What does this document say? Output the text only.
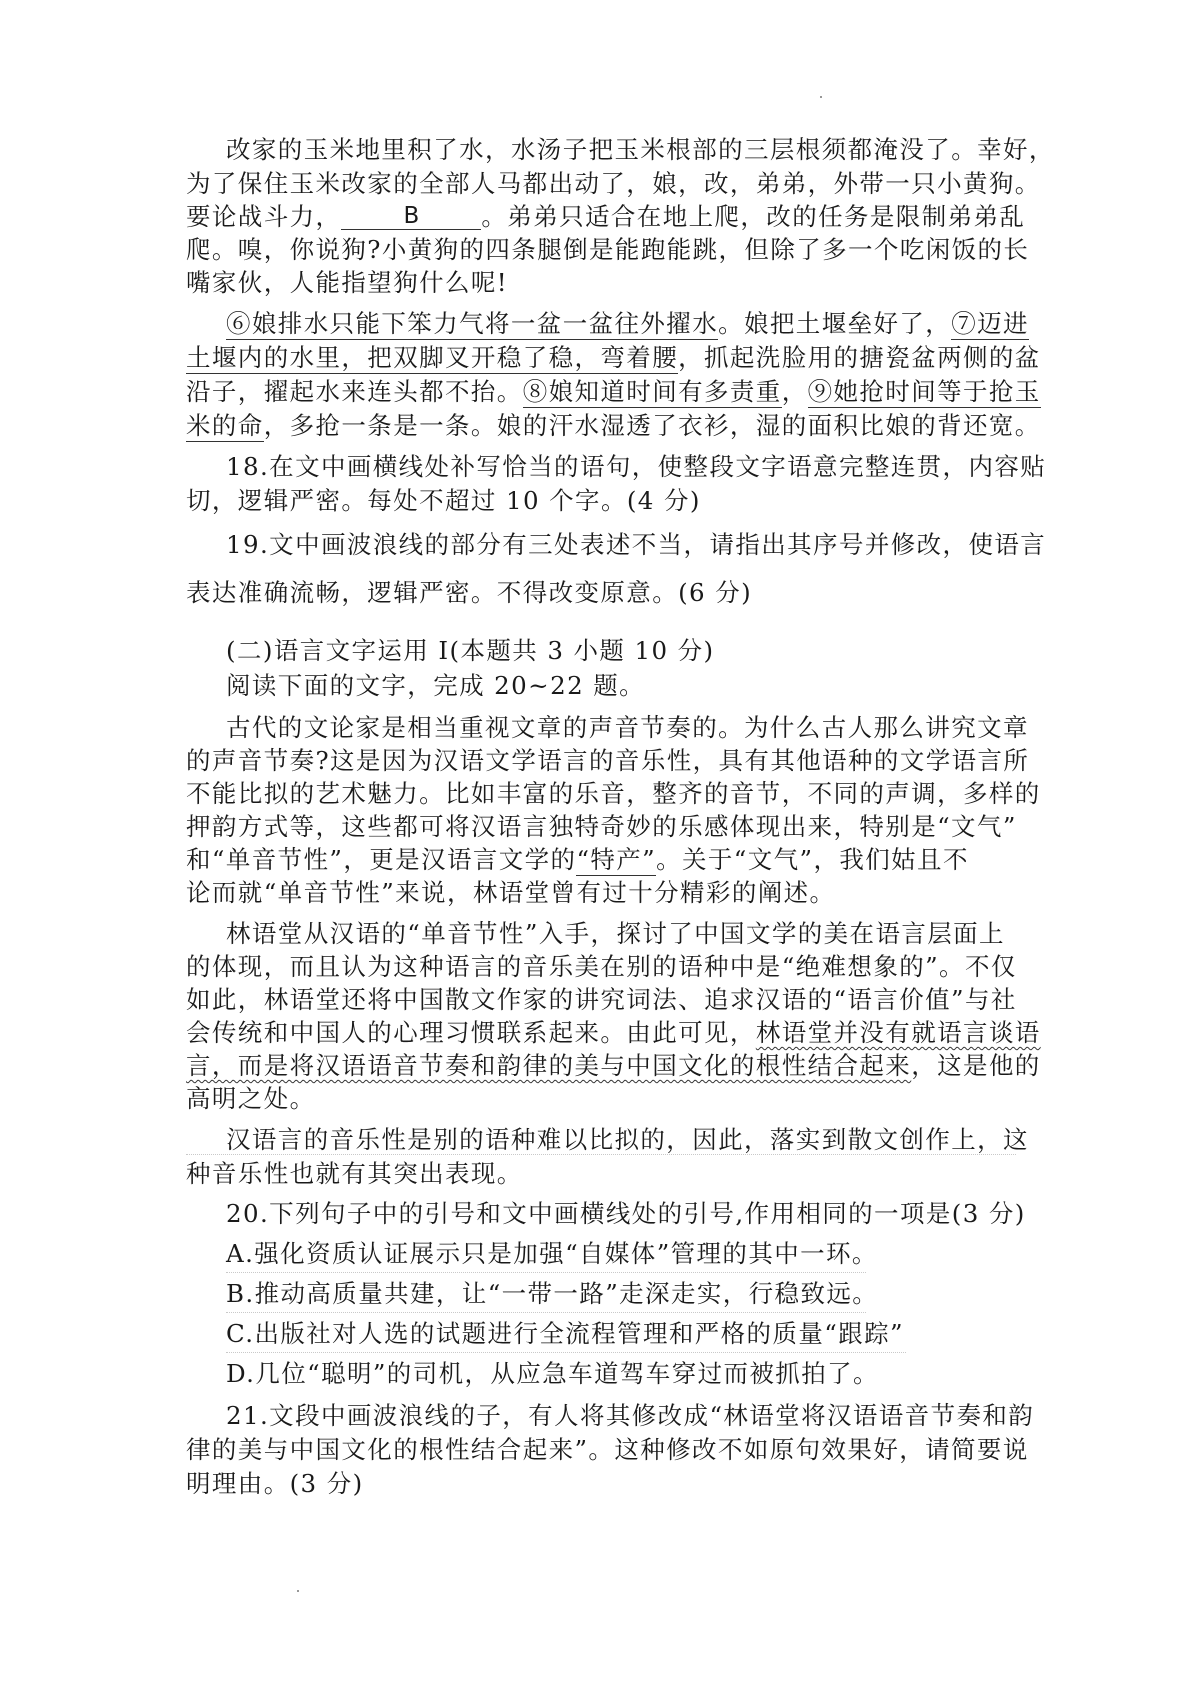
改家的玉米地里积了水，水汤子把玉米根部的三层根须都淹没了。幸好，
为了保住玉米改家的全部人马都出动了，娘，改，弟弟，外带一只小黄狗。
要论战斗力，	B	。弟弟只适合在地上爬，改的任务是限制弟弟乱
爬。嗅，你说狗?小黄狗的四条腿倒是能跑能跳，但除了多一个吃闲饭的长
嘴家伙，人能指望狗什么呢!
⑥娘排水只能下笨力气将一盆一盆往外擢水。娘把土堰垒好了，⑦迈进
土堰内的水里，把双脚叉开稳了稳，弯着腰，抓起洗脸用的搪瓷盆两侧的盆
沿子，擢起水来连头都不抬。⑧娘知道时间有多责重，⑨她抢时间等于抢玉
米的命，多抢一条是一条。娘的汗水湿透了衣衫，湿的面积比娘的背还宽。
18.在文中画横线处补写恰当的语句，使整段文字语意完整连贯，内容贴
切，逻辑严密。每处不超过 10 个字。(4 分)
19.文中画波浪线的部分有三处表述不当，请指出其序号并修改，使语言
表达准确流畅，逻辑严密。不得改变原意。(6 分)
(二)语言文字运用 I(本题共 3 小题 10 分)
阅读下面的文字，完成 20~22 题。
古代的文论家是相当重视文章的声音节奏的。为什么古人那么讲究文章
的声音节奏?这是因为汉语文学语言的音乐性，具有其他语种的文学语言所
不能比拟的艺术魅力。比如丰富的乐音，整齐的音节，不同的声调，多样的
押韵方式等，这些都可将汉语言独特奇妙的乐感体现出来，特别是“文气”
和“单音节性”，更是汉语言文学的“特产”。关于“文气”，我们姑且不
论而就“单音节性”来说，林语堂曾有过十分精彩的阐述。
林语堂从汉语的“单音节性”入手，探讨了中国文学的美在语言层面上
的体现，而且认为这种语言的音乐美在别的语种中是“绝难想象的”。不仅
如此，林语堂还将中国散文作家的讲究词法、追求汉语的“语言价值”与社
会传统和中国人的心理习惯联系起来。由此可见，林语堂并没有就语言谈语
言，而是将汉语语音节奏和韵律的美与中国文化的根性结合起来，这是他的
高明之处。
汉语言的音乐性是别的语种难以比拟的，因此，落实到散文创作上，这
种音乐性也就有其突出表现。
20.下列句子中的引号和文中画横线处的引号,作用相同的一项是(3 分)
A.强化资质认证展示只是加强“自媒体”管理的其中一环。
B.推动高质量共建，让“一带一路”走深走实，行稳致远。
C.出版社对人选的试题进行全流程管理和严格的质量“跟踪”
D.几位“聪明”的司机，从应急车道驾车穿过而被抓拍了。
21.文段中画波浪线的子，有人将其修改成“林语堂将汉语语音节奏和韵
律的美与中国文化的根性结合起来”。这种修改不如原句效果好，请简要说
明理由。(3 分)
